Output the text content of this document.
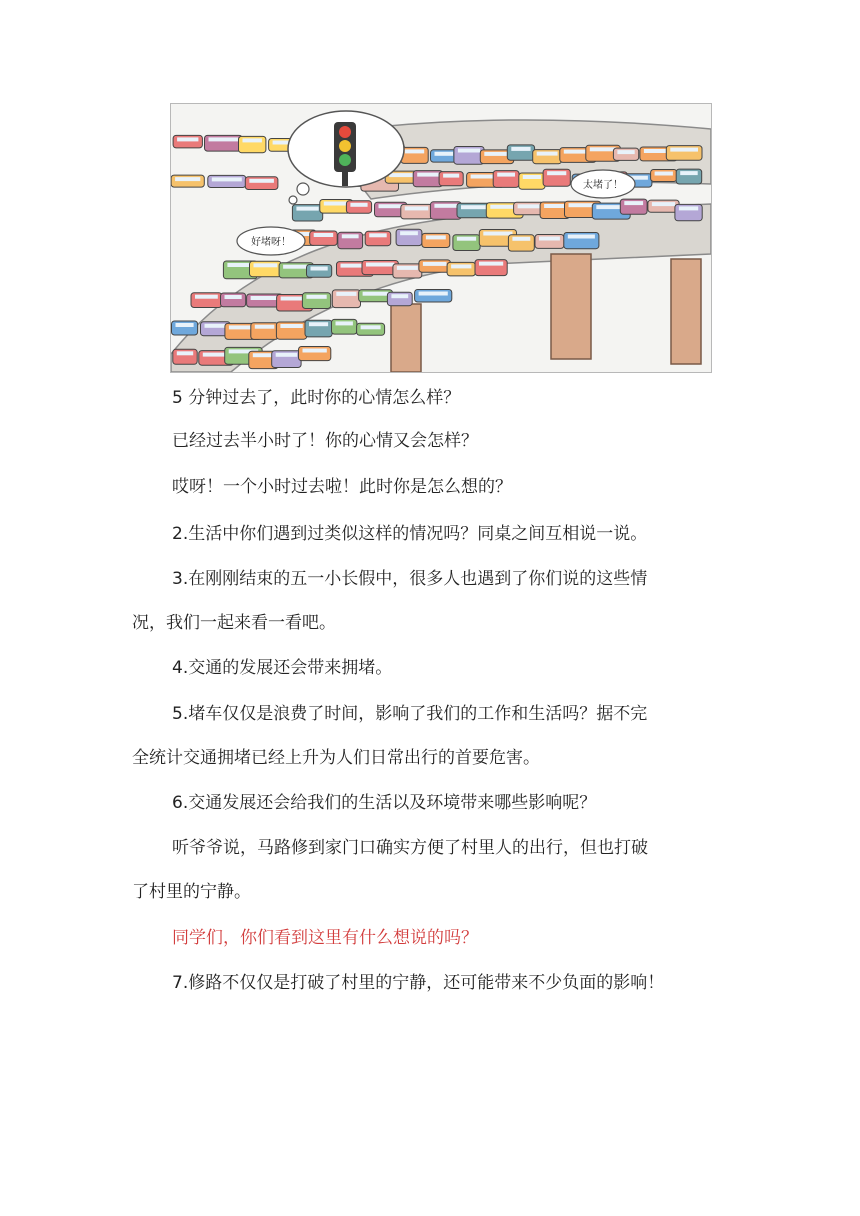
好堵呀！
太堵了！

5 分钟过去了，此时你的心情怎么样？

已经过去半小时了！你的心情又会怎样？

哎呀！一个小时过去啦！此时你是怎么想的？

2.生活中你们遇到过类似这样的情况吗？同桌之间互相说一说。

3.在刚刚结束的五一小长假中，很多人也遇到了你们说的这些情

况，我们一起来看一看吧。

4.交通的发展还会带来拥堵。

5.堵车仅仅是浪费了时间，影响了我们的工作和生活吗？据不完

全统计交通拥堵已经上升为人们日常出行的首要危害。

6.交通发展还会给我们的生活以及环境带来哪些影响呢？

听爷爷说，马路修到家门口确实方便了村里人的出行，但也打破

了村里的宁静。

同学们，你们看到这里有什么想说的吗？

7.修路不仅仅是打破了村里的宁静，还可能带来不少负面的影响！
